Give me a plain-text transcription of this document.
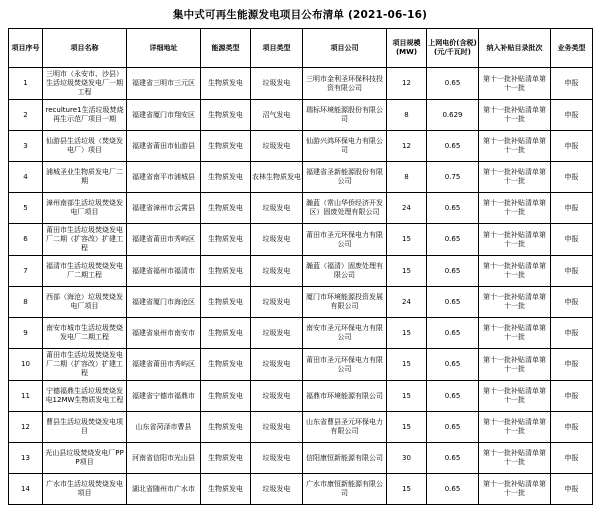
集中式可再生能源发电项目公布清单 (2021-06-16)
项目序号	项目名称	详细地址	能源类型	项目类型	项目公司	项目规模(MW)	上网电价(含税)(元/千瓦时)	纳入补贴目录批次	业务类型
1	三明市（永安市、沙县）生活垃圾焚烧发电厂一期工程	福建省三明市三元区	生物质发电	垃圾发电	三明市金利圣环保科技投资有限公司	12	0.65	第十一批补贴清单第十一批	申报
2	reculture1生活垃圾焚烧再生示范厂项目一期	福建省厦门市翔安区	生物质发电	沼气发电	瑞标环境能源股份有限公司	8	0.629	第十一批补贴清单第十一批	申报
3	仙游县生活垃圾（焚烧发电厂）项目	福建省莆田市仙游县	生物质发电	垃圾发电	仙游兴鸿环保电力有限公司	12	0.65	第十一批补贴清单第十一批	申报
4	浦城圣业生物质发电厂二期	福建省南平市浦城县	生物质发电	农林生物质发电	福建省圣新能源股份有限公司	8	0.75	第十一批补贴清单第十一批	申报
5	漳州南部生活垃圾焚烧发电厂项目	福建省漳州市云霄县	生物质发电	垃圾发电	瀚蓝（常山华侨经济开发区）固废处理有限公司	24	0.65	第十一批补贴清单第十一批	申报
6	莆田市生活垃圾焚烧发电厂二期（扩容改）扩建工程	福建省莆田市秀屿区	生物质发电	垃圾发电	莆田市圣元环保电力有限公司	15	0.65	第十一批补贴清单第十一批	申报
7	福清市生活垃圾焚烧发电厂二期工程	福建省福州市福清市	生物质发电	垃圾发电	瀚蓝（福清）固废处理有限公司	15	0.65	第十一批补贴清单第十一批	申报
8	西部（海沧）垃圾焚烧发电厂项目	福建省厦门市海沧区	生物质发电	垃圾发电	厦门市环境能源投资发展有限公司	24	0.65	第十一批补贴清单第十一批	申报
9	南安市城市生活垃圾焚烧发电厂二期工程	福建省泉州市南安市	生物质发电	垃圾发电	南安市圣元环保电力有限公司	15	0.65	第十一批补贴清单第十一批	申报
10	莆田市生活垃圾焚烧发电厂二期（扩容改）扩建工程	福建省莆田市秀屿区	生物质发电	垃圾发电	莆田市圣元环保电力有限公司	15	0.65	第十一批补贴清单第十一批	申报
11	宁德福鼎生活垃圾焚烧发电12MW生物质发电工程	福建省宁德市福鼎市	生物质发电	垃圾发电	福鼎市环境能源有限公司	15	0.65	第十一批补贴清单第十一批	申报
12	曹县生活垃圾焚烧发电项目	山东省菏泽市曹县	生物质发电	垃圾发电	山东省曹县圣元环保电力有限公司	15	0.65	第十一批补贴清单第十一批	申报
13	光山县垃圾焚烧发电厂PPP项目	河南省信阳市光山县	生物质发电	垃圾发电	信阳康恒新能源有限公司	30	0.65	第十一批补贴清单第十一批	申报
14	广水市生活垃圾焚烧发电项目	湖北省随州市广水市	生物质发电	垃圾发电	广水市康恒新能源有限公司	15	0.65	第十一批补贴清单第十一批	申报
